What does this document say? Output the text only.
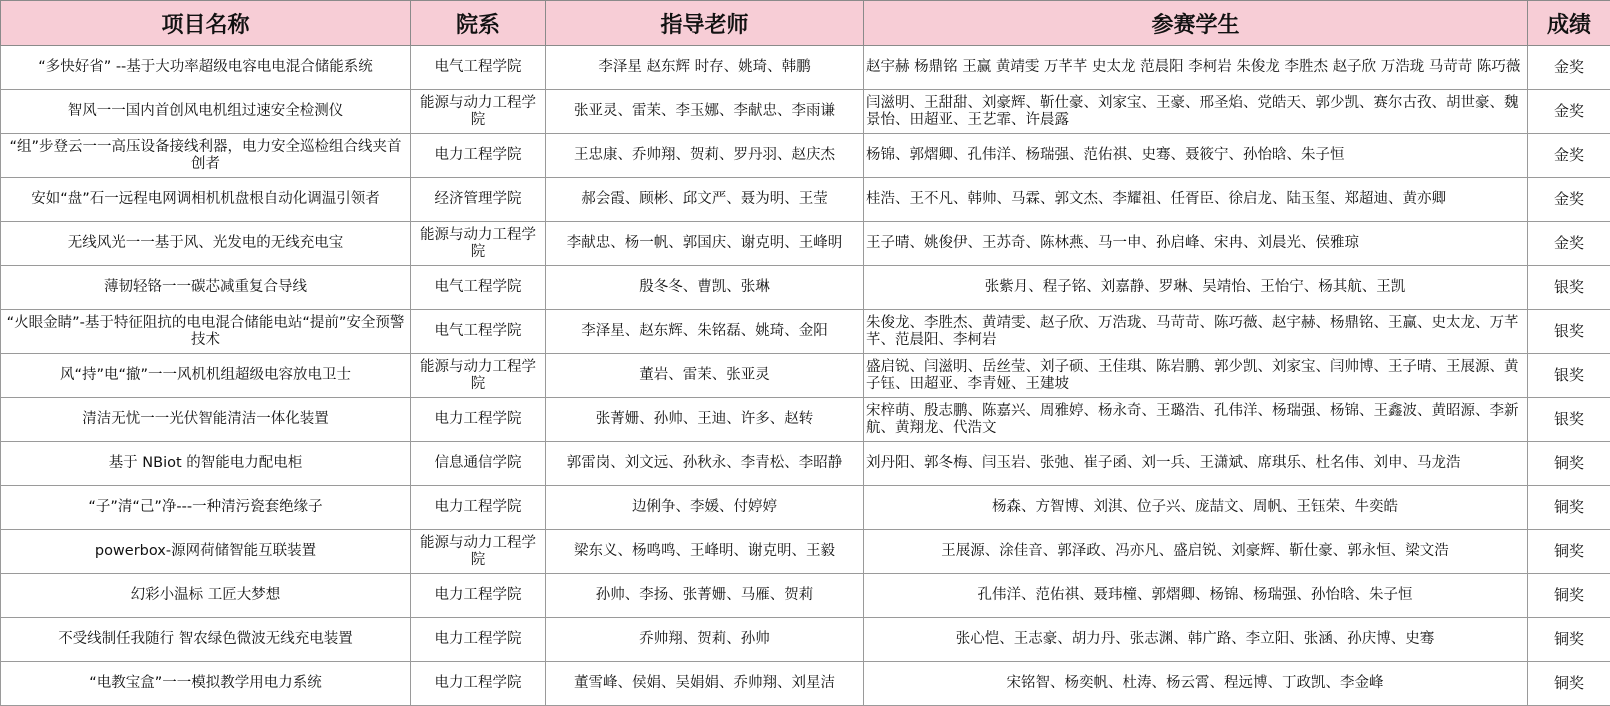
项目名称	院系	指导老师	参赛学生	成绩
“多快好省” --基于大功率超级电容电电混合储能系统	电气工程学院	李泽星 赵东辉 时存、姚琦、韩鹏	赵宇赫 杨鼎铭 王赢 黄靖雯 万芊芊 史太龙 范晨阳 李柯岩 朱俊龙 李胜杰 赵子欣 万浩珑 马苛苛 陈巧薇	金奖
智风一一国内首创风电机组过速安全检测仪	能源与动力工程学院	张亚灵、雷茉、李玉娜、李献忠、李雨谦	闫滋明、王甜甜、刘豪辉、靳仕豪、刘家宝、王豪、邢圣焰、党皓天、郭少凯、赛尔古孜、胡世豪、魏景怡、田超亚、王艺霏、许晨露	金奖
“组”步登云一一高压设备接线利器，电力安全巡检组合线夹首创者	电力工程学院	王忠康、乔帅翔、贺莉、罗丹羽、赵庆杰	杨锦、郭熠卿、孔伟洋、杨瑞强、范佑祺、史骞、聂筱宁、孙怡晗、朱子恒	金奖
安如“盘”石一远程电网调相机机盘根自动化调温引领者	经济管理学院	郝会霞、顾彬、邱文严、聂为明、王莹	桂浩、王不凡、韩帅、马霖、郭文杰、李耀祖、任胥臣、徐启龙、陆玉玺、郑超迪、黄亦卿	金奖
无线风光一一基于风、光发电的无线充电宝	能源与动力工程学院	李献忠、杨一帆、郭国庆、谢克明、王峰明	王子晴、姚俊伊、王苏奇、陈林燕、马一申、孙启峰、宋冉、刘晨光、侯雅琼	金奖
薄韧轻铬一一碳芯减重复合导线	电气工程学院	殷冬冬、曹凯、张琳	张紫月、程子铭、刘嘉静、罗琳、吴靖怡、王怡宁、杨其航、王凯	银奖
“火眼金睛”-基于特征阻抗的电电混合储能电站“提前”安全预警技术	电气工程学院	李泽星、赵东辉、朱铭磊、姚琦、金阳	朱俊龙、李胜杰、黄靖雯、赵子欣、万浩珑、马苛苛、陈巧薇、赵宇赫、杨鼎铭、王赢、史太龙、万芊芊、范晨阳、李柯岩	银奖
风“持”电“撤”一一风机机组超级电容放电卫士	能源与动力工程学院	董岩、雷茉、张亚灵	盛启锐、闫滋明、岳丝莹、刘子硕、王佳琪、陈岩鹏、郭少凯、刘家宝、闫帅博、王子晴、王展源、黄子钰、田超亚、李青娅、王建坡	银奖
清洁无忧一一光伏智能清洁一体化装置	电力工程学院	张菁姗、孙帅、王迪、许多、赵转	宋梓萌、殷志鹏、陈嘉兴、周雅婷、杨永奇、王璐浩、孔伟洋、杨瑞强、杨锦、王鑫波、黄昭源、李新航、黄翔龙、代浩文	银奖
基于 NBiot 的智能电力配电柜	信息通信学院	郭雷岗、刘文远、孙秋永、李青松、李昭静	刘丹阳、郭冬梅、闫玉岩、张弛、崔子函、刘一兵、王潇斌、席琪乐、杜名伟、刘申、马龙浩	铜奖
“子”清“己”净---一种清污瓷套绝缘子	电力工程学院	边俐争、李媛、付婷婷	杨森、方智博、刘淇、位子兴、庞喆文、周帆、王钰荣、牛奕皓	铜奖
powerbox-源网荷储智能互联装置	能源与动力工程学院	梁东义、杨鸣鸣、王峰明、谢克明、王毅	王展源、涂佳音、郭泽政、冯亦凡、盛启锐、刘豪辉、靳仕豪、郭永恒、梁文浩	铜奖
幻彩小温标 工匠大梦想	电力工程学院	孙帅、李扬、张菁姗、马雁、贺莉	孔伟洋、范佑祺、聂玮橦、郭熠卿、杨锦、杨瑞强、孙怡晗、朱子恒	铜奖
不受线制任我随行 智农绿色微波无线充电装置	电力工程学院	乔帅翔、贺莉、孙帅	张心恺、王志豪、胡力丹、张志渊、韩广路、李立阳、张涵、孙庆博、史骞	铜奖
“电教宝盒”一一模拟教学用电力系统	电力工程学院	董雪峰、侯娟、吴娟娟、乔帅翔、刘星洁	宋铭智、杨奕帆、杜涛、杨云霄、程远博、丁政凯、李金峰	铜奖
